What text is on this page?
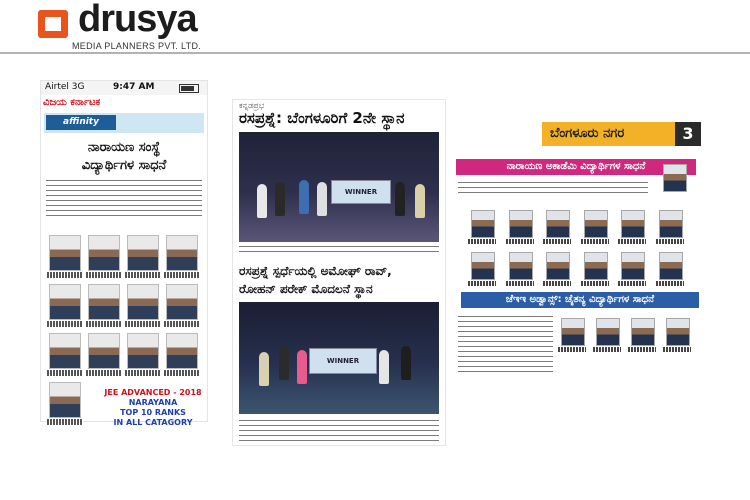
drusya
MEDIA PLANNERS PVT. LTD.
Airtel 3G	9:47 AM
ವಿಜಯ ಕರ್ನಾಟಕ
affinity
ನಾರಾಯಣ ಸಂಸ್ಥೆ
ವಿದ್ಯಾರ್ಥಿಗಳ ಸಾಧನೆ
JEE ADVANCED - 2018
NARAYANA
TOP 10 RANKS
IN ALL CATAGORY
ಕನ್ನಡಪ್ರಭ
ರಸಪ್ರಶ್ನೆ: ಬೆಂಗಳೂರಿಗೆ 2ನೇ ಸ್ಥಾನ
WINNER
ರಸಪ್ರಶ್ನೆ ಸ್ಪರ್ಧೆಯಲ್ಲಿ ಅಮೋಘ್ ರಾವ್,
ರೋಹನ್ ಪರೇಕ್ ಮೊದಲನೆ ಸ್ಥಾನ
WINNER
ಬೆಂಗಳೂರು ನಗರ	3
ನಾರಾಯಣ ಅಕಾಡೆಮಿ ವಿದ್ಯಾರ್ಥಿಗಳ ಸಾಧನೆ
ಜೆಇಇ ಅಡ್ವಾನ್ಸ್: ಚೈತನ್ಯ ವಿದ್ಯಾರ್ಥಿಗಳ ಸಾಧನೆ
